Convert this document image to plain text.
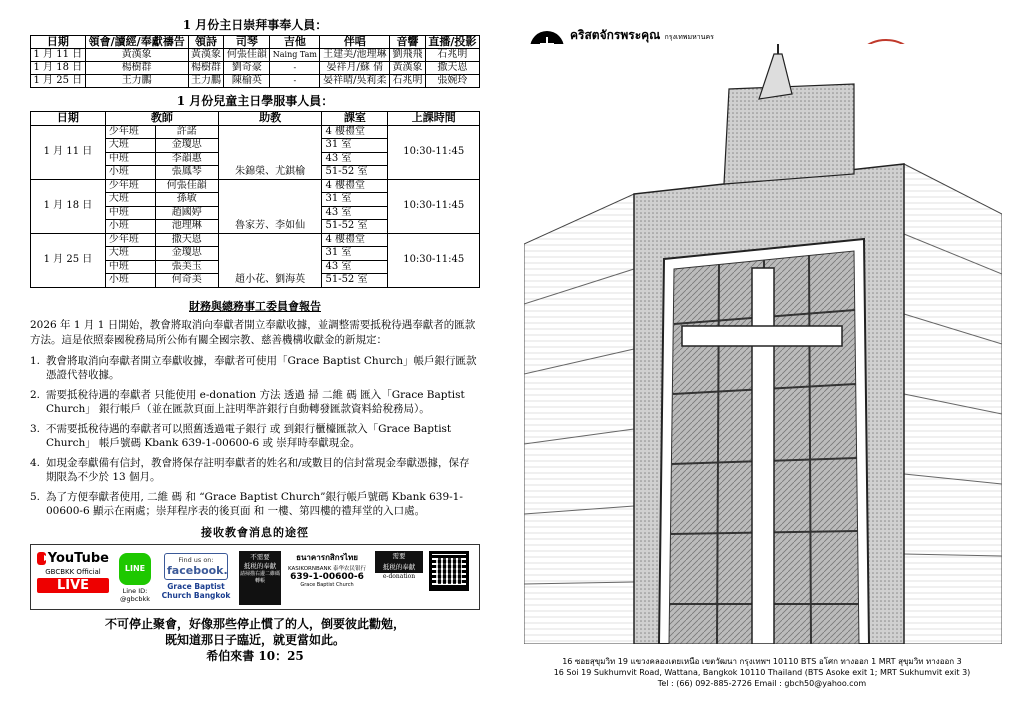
1 月份主日崇拜事奉人員：
日期	領會/讀經/奉獻禱告	領詩	司琴	吉他	伴唱	音響	直播/投影
1 月 11 日	黃漢象	黃漢象	何張佳韻	Naing Tam	王建美/池理琳	劉飛飛	石兆明
1 月 18 日	楊樹群	楊樹群	劉奇豪	-	晏祥月/蘇 倩	黃漢象	撒天恩
1 月 25 日	王力鵬	王力鵬	陳榆英	-	晏祥晴/吳莉柔	石兆明	張婉玲
1 月份兒童主日學服事人員：
日期	教師		助教	課室	上課時間
1 月 11 日	少年班	許諾		4 樓禮堂	10:30-11:45
	大班	金瓊思		31 室	
	中班	李韻惠		43 室	
	小班	張鳳琴	朱錦榮、尤錤榆	51-52 室	
1 月 18 日	少年班	何張佳韻		4 樓禮堂	10:30-11:45
	大班	孫敏		31 室	
	中班	趙國婷		43 室	
	小班	池理琳	魯家芳、李如仙	51-52 室	
1 月 25 日	少年班	撒天恩		4 樓禮堂	10:30-11:45
	大班	金瓊思		31 室	
	中班	張美玉		43 室	
	小班	何奇美	趙小花、劉海英	51-52 室	
財務與總務事工委員會報告
2026 年 1 月 1 日開始，教會將取消向奉獻者開立奉獻收據，並調整需要抵稅待遇奉獻者的匯款方法。這是依照泰國稅務局所公佈有關全國宗教、慈善機構收獻金的新規定：
1. 教會將取消向奉獻者開立奉獻收據，奉獻者可使用「Grace Baptist Church」帳戶銀行匯款憑證代替收據。
2. 需要抵稅待遇的奉獻者 只能使用 e-donation 方法 透過 掃 二維 碼 匯入「Grace Baptist Church」 銀行帳戶（並在匯款頁面上註明準許銀行自動轉發匯款資料給稅務局）。
3. 不需要抵稅待遇的奉獻者可以照舊透過電子銀行 或 到銀行櫃檯匯款入「Grace Baptist Church」 帳戶號碼 Kbank 639-1-00600-6 或 崇拜時奉獻現金。
4. 如現金奉獻備有信封，教會將保存註明奉獻者的姓名和/或數目的信封當現金奉獻憑據，保存期限為不少於 13 個月。
5. 為了方便奉獻者使用, 二維 碼 和 “Grace Baptist Church”銀行帳戶號碼 Kbank 639-1-00600-6 顯示在兩處；崇拜程序表的後頁面 和 一樓、第四樓的禮拜堂的入口處。
接收教會消息的途徑
YouTube
GBCBKK Official
LIVE
LINE
Line ID: @gbcbkk
Find us on:
facebook.
Grace Baptist Church Bangkok
不需要
抵税的奉献
請掃描右邊二維碼轉帳
ธนาคารกสิกรไทย
KASIKORNBANK 泰华农民银行
639-1-00600-6
Grace Baptist Church
需要
抵税的奉献
e-donation
不可停止聚會，好像那些停止慣了的人，倒要彼此勸勉，
既知道那日子臨近，就更當如此。
希伯來書 10：25
คริสตจักรพระคุณ กรุงเทพมหานคร
16 ซอยสุขุมวิท 19 แขวงคลองเตยเหนือ เขตวัฒนา กรุงเทพฯ 10110 BTS อโศก ทางออก 1 MRT สุขุมวิท ทางออก 3
16 Soi 19 Sukhumvit Road, Wattana, Bangkok 10110 Thailand (BTS Asoke exit 1; MRT Sukhumvit exit 3)
Tel : (66) 092-885-2726 Email : gbch50@yahoo.com
